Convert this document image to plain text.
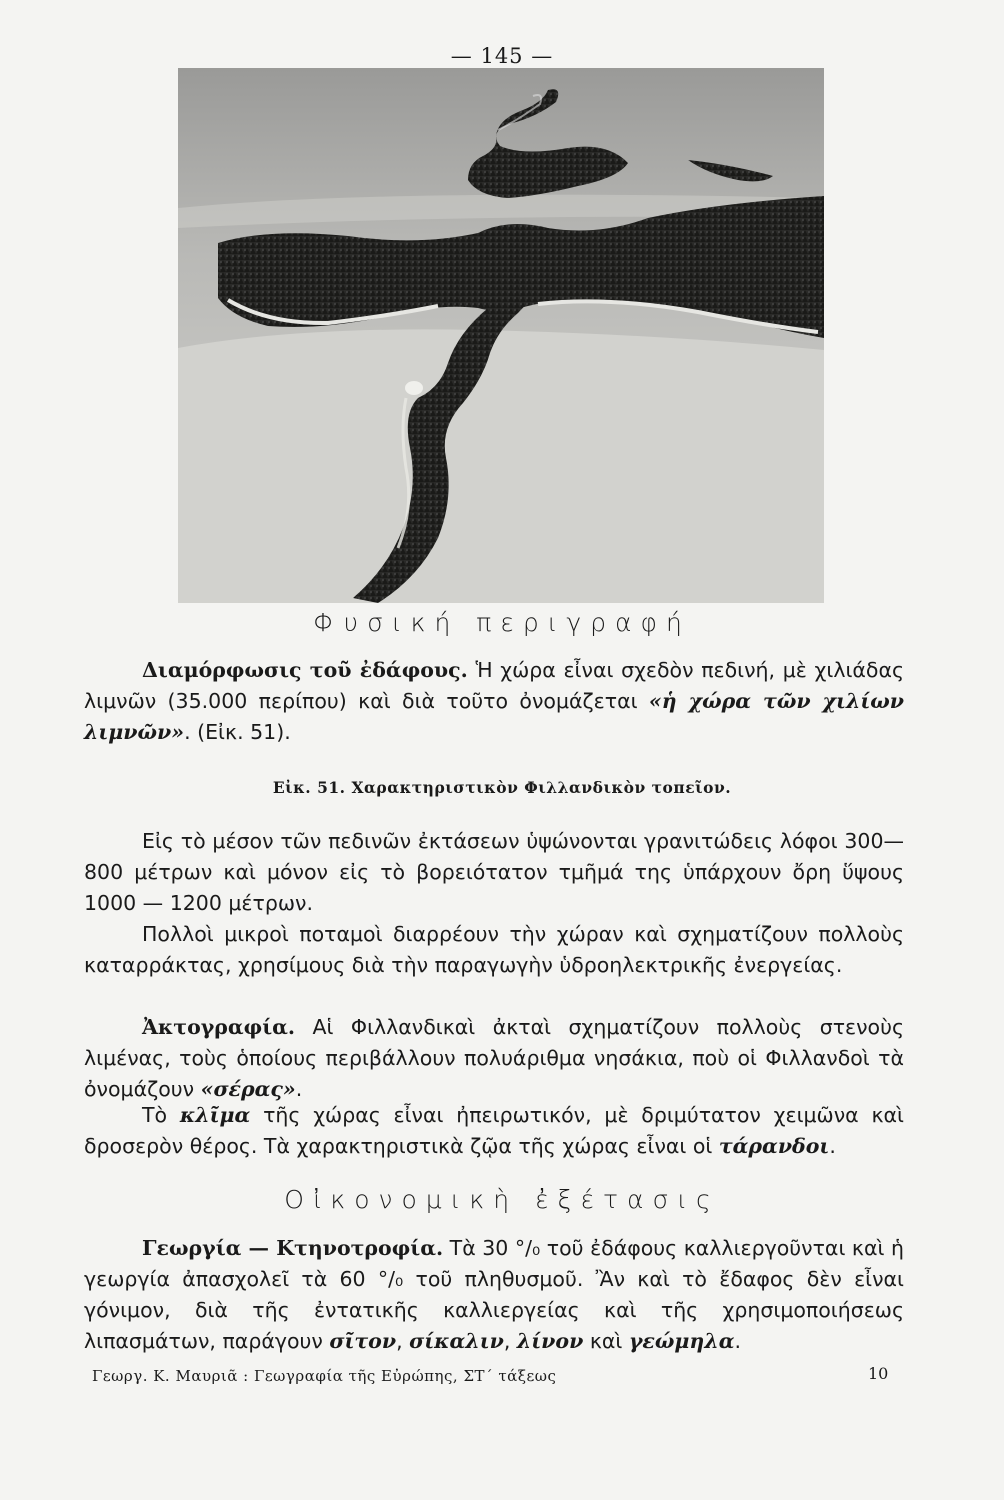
— 145 —
Φυσική περιγραφή
Διαμόρφωσις τοῦ ἐδάφους. Ἡ χώρα εἶναι σχεδὸν πεδινή, μὲ χιλιάδας λιμνῶν (35.000 περίπου) καὶ διὰ τοῦτο ὀνομάζεται «ἡ χώρα τῶν χιλίων λιμνῶν». (Εἰκ. 51).
Εἰκ. 51. Χαρακτηριστικὸν Φιλλανδικὸν τοπεῖον.
Εἰς τὸ μέσον τῶν πεδινῶν ἐκτάσεων ὑψώνονται γρανιτώδεις λόφοι 300—800 μέτρων καὶ μόνον εἰς τὸ βορειότατον τμῆμά της ὑπάρχουν ὄρη ὕψους 1000 — 1200 μέτρων.
Πολλοὶ μικροὶ ποταμοὶ διαρρέουν τὴν χώραν καὶ σχηματίζουν πολλοὺς καταρράκτας, χρησίμους διὰ τὴν παραγωγὴν ὑδροηλεκτρικῆς ἐνεργείας.
Ἀκτογραφία. Αἱ Φιλλανδικαὶ ἀκταὶ σχηματίζουν πολλοὺς στενοὺς λιμένας, τοὺς ὁποίους περιβάλλουν πολυάριθμα νησάκια, ποὺ οἱ Φιλλανδοὶ τὰ ὀνομάζουν «σέρας».
Τὸ κλῖμα τῆς χώρας εἶναι ἠπειρωτικόν, μὲ δριμύτατον χειμῶνα καὶ δροσερὸν θέρος. Τὰ χαρακτηριστικὰ ζῷα τῆς χώρας εἶναι οἱ τάρανδοι.
Οἰκονομικὴ ἐξέτασις
Γεωργία — Κτηνοτροφία. Τὰ 30 °/₀ τοῦ ἐδάφους καλλιεργοῦνται καὶ ἡ γεωργία ἀπασχολεῖ τὰ 60 °/₀ τοῦ πληθυσμοῦ. Ἂν καὶ τὸ ἔδαφος δὲν εἶναι γόνιμον, διὰ τῆς ἐντατικῆς καλλιεργείας καὶ τῆς χρησιμοποιήσεως λιπασμάτων, παράγουν σῖτον, σίκαλιν, λίνον καὶ γεώμηλα.
Γεωργ. Κ. Μαυριᾶ : Γεωγραφία τῆς Εὐρώπης, ΣΤ΄ τάξεως	10
